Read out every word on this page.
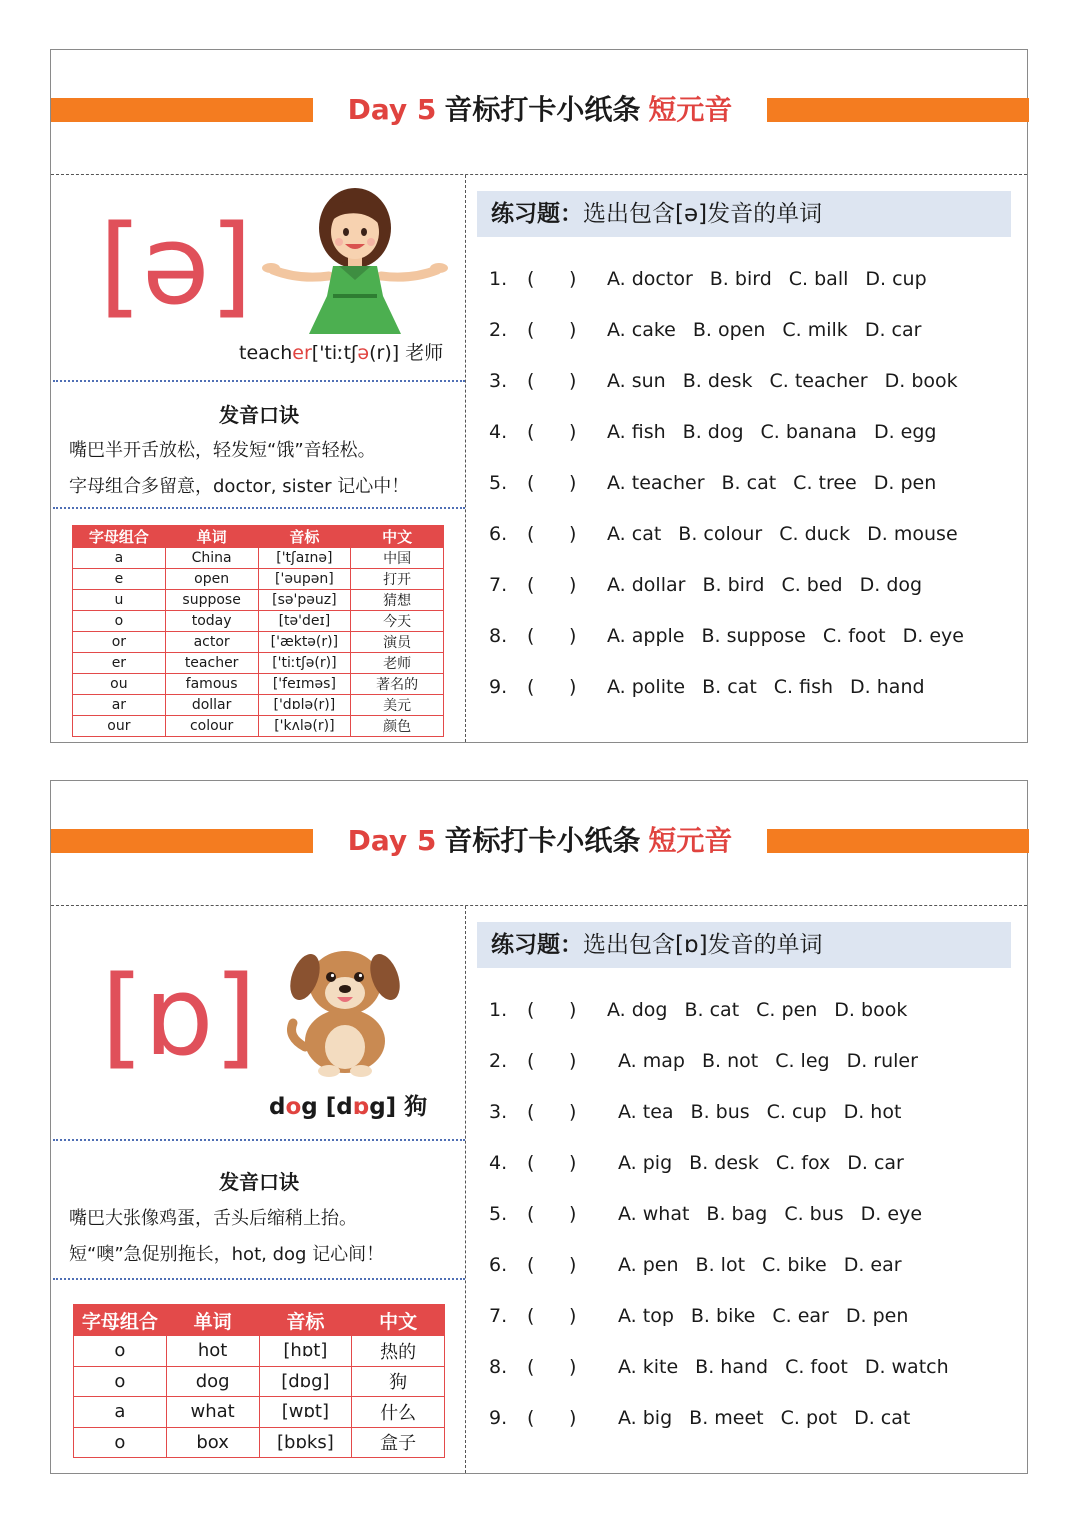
Day 5 音标打卡小纸条 短元音
[ə]
teacher['tiːtʃə(r)] 老师
发音口诀
嘴巴半开舌放松，轻发短“饿”音轻松。
字母组合多留意，doctor, sister 记心中！
字母组合	单词	音标	中文
a	China	['tʃaɪnə]	中国
e	open	['əupən]	打开
u	suppose	[sə'pəuz]	猜想
o	today	[tə'deɪ]	今天
or	actor	['æktə(r)]	演员
er	teacher	['tiːtʃə(r)]	老师
ou	famous	['feɪməs]	著名的
ar	dollar	['dɒlə(r)]	美元
our	colour	['kʌlə(r)]	颜色
练习题：选出包含[ə]发音的单词
1. ( ) A. doctor B. bird C. ball D. cup
2. ( ) A. cake B. open C. milk D. car
3. ( ) A. sun B. desk C. teacher D. book
4. ( ) A. fish B. dog C. banana D. egg
5. ( ) A. teacher B. cat C. tree D. pen
6. ( ) A. cat B. colour C. duck D. mouse
7. ( ) A. dollar B. bird C. bed D. dog
8. ( ) A. apple B. suppose C. foot D. eye
9. ( ) A. polite B. cat C. fish D. hand
Day 5 音标打卡小纸条 短元音
[ɒ]
dog [dɒg] 狗
发音口诀
嘴巴大张像鸡蛋，舌头后缩稍上抬。
短“噢”急促别拖长，hot, dog 记心间！
字母组合	单词	音标	中文
o	hot	[hɒt]	热的
o	dog	[dɒg]	狗
a	what	[wɒt]	什么
o	box	[bɒks]	盒子
练习题：选出包含[ɒ]发音的单词
1. ( ) A. dog B. cat C. pen D. book
2. ( ) A. map B. not C. leg D. ruler
3. ( ) A. tea B. bus C. cup D. hot
4. ( ) A. pig B. desk C. fox D. car
5. ( ) A. what B. bag C. bus D. eye
6. ( ) A. pen B. lot C. bike D. ear
7. ( ) A. top B. bike C. ear D. pen
8. ( ) A. kite B. hand C. foot D. watch
9. ( ) A. big B. meet C. pot D. cat
